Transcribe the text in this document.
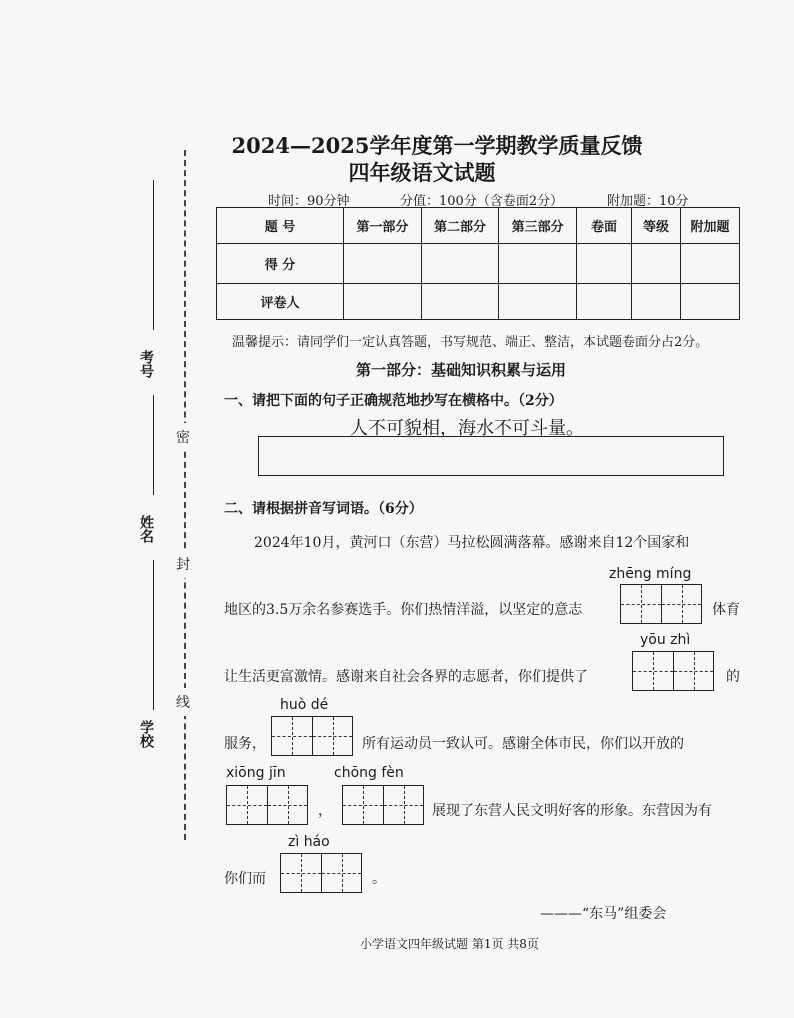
密
封
线
考号
姓名
学校
2024—2025学年度第一学期教学质量反馈
四年级语文试题
时间：90分钟	分值：100分（含卷面2分）	附加题：10分
题 号	第一部分	第二部分	第三部分	卷面	等级	附加题
得 分						
评卷人						
温馨提示：请同学们一定认真答题，书写规范、端正、整洁，本试题卷面分占2分。
第一部分：基础知识积累与运用
一、请把下面的句子正确规范地抄写在横格中。（2分）
人不可貌相，海水不可斗量。
二、请根据拼音写词语。（6分）
2024年10月，黄河口（东营）马拉松圆满落幕。感谢来自12个国家和
zhēng míng
地区的3.5万余名参赛选手。你们热情洋溢，以坚定的意志	体育
yōu zhì
让生活更富激情。感谢来自社会各界的志愿者，你们提供了	的
huò dé
服务，	所有运动员一致认可。感谢全体市民，你们以开放的
xiōng jīn	chōng fèn
，	展现了东营人民文明好客的形象。东营因为有
zì háo
你们而	。
———“东马”组委会
小学语文四年级试题 第1页 共8页
